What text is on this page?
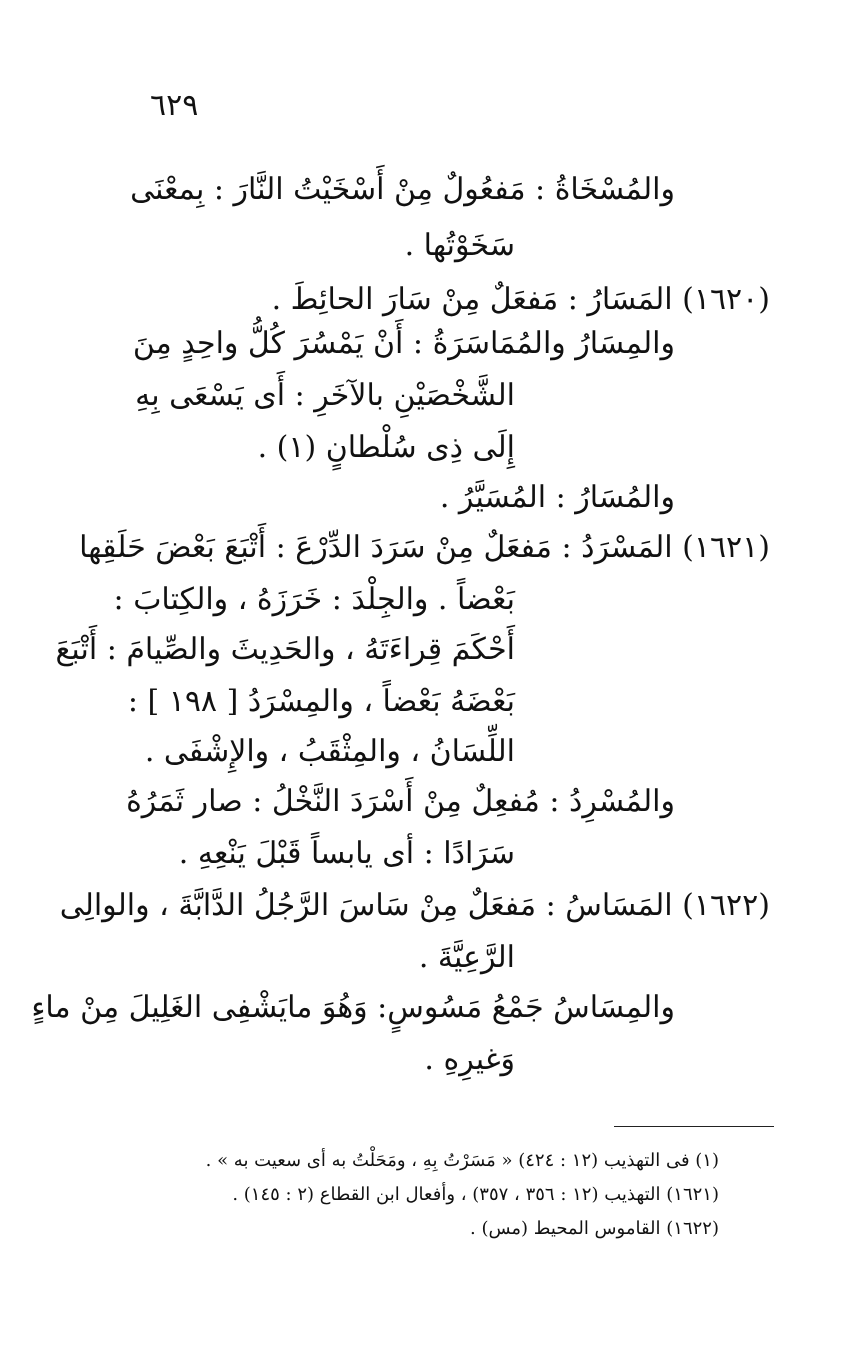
٦٢٩
والمُسْخَاةُ : مَفعُولٌ مِنْ أَسْخَيْتُ النَّارَ : بِمعْنَى
سَخَوْتُها .
(١٦٢٠) المَسَارُ : مَفعَلٌ مِنْ سَارَ الحائِطَ .
والمِسَارُ والمُمَاسَرَةُ : أَنْ يَمْسُرَ كُلُّ واحِدٍ مِنَ
الشَّخْصَيْنِ بالآخَرِ : أَى يَسْعَى بِهِ
إِلَى ذِى سُلْطانٍ (١) .
والمُسَارُ : المُسَيَّرُ .
(١٦٢١) المَسْرَدُ : مَفعَلٌ مِنْ سَرَدَ الدِّرْعَ : أَتْبَعَ بَعْضَ حَلَقِها
بَعْضاً . والجِلْدَ : خَرَزَهُ ، والكِتابَ :
أَحْكَمَ قِراءَتَهُ ، والحَدِيثَ والصِّيامَ : أَتْبَعَ
بَعْضَهُ بَعْضاً ، والمِسْرَدُ [ ١٩٨ ] :
اللِّسَانُ ، والمِثْقَبُ ، والإِشْفَى .
والمُسْرِدُ : مُفعِلٌ مِنْ أَسْرَدَ النَّخْلُ : صار ثَمَرُهُ
سَرَادًا : أى يابساً قَبْلَ يَنْعِهِ .
(١٦٢٢) المَسَاسُ : مَفعَلٌ مِنْ سَاسَ الرَّجُلُ الدَّابَّةَ ، والوالِى
الرَّعِيَّةَ .
والمِسَاسُ جَمْعُ مَسُوسٍ: وَهُوَ مايَشْفِى الغَلِيلَ مِنْ ماءٍ
وَغيرِهِ .
(١) فى التهذيب (١٢ : ٤٢٤) « مَسَرْتُ بِهِ ، ومَحَلْتُ به أى سعيت به » .
(١٦٢١) التهذيب (١٢ : ٣٥٦ ، ٣٥٧) ، وأفعال ابن القطاع (٢ : ١٤٥) .
(١٦٢٢) القاموس المحيط (مس) .
